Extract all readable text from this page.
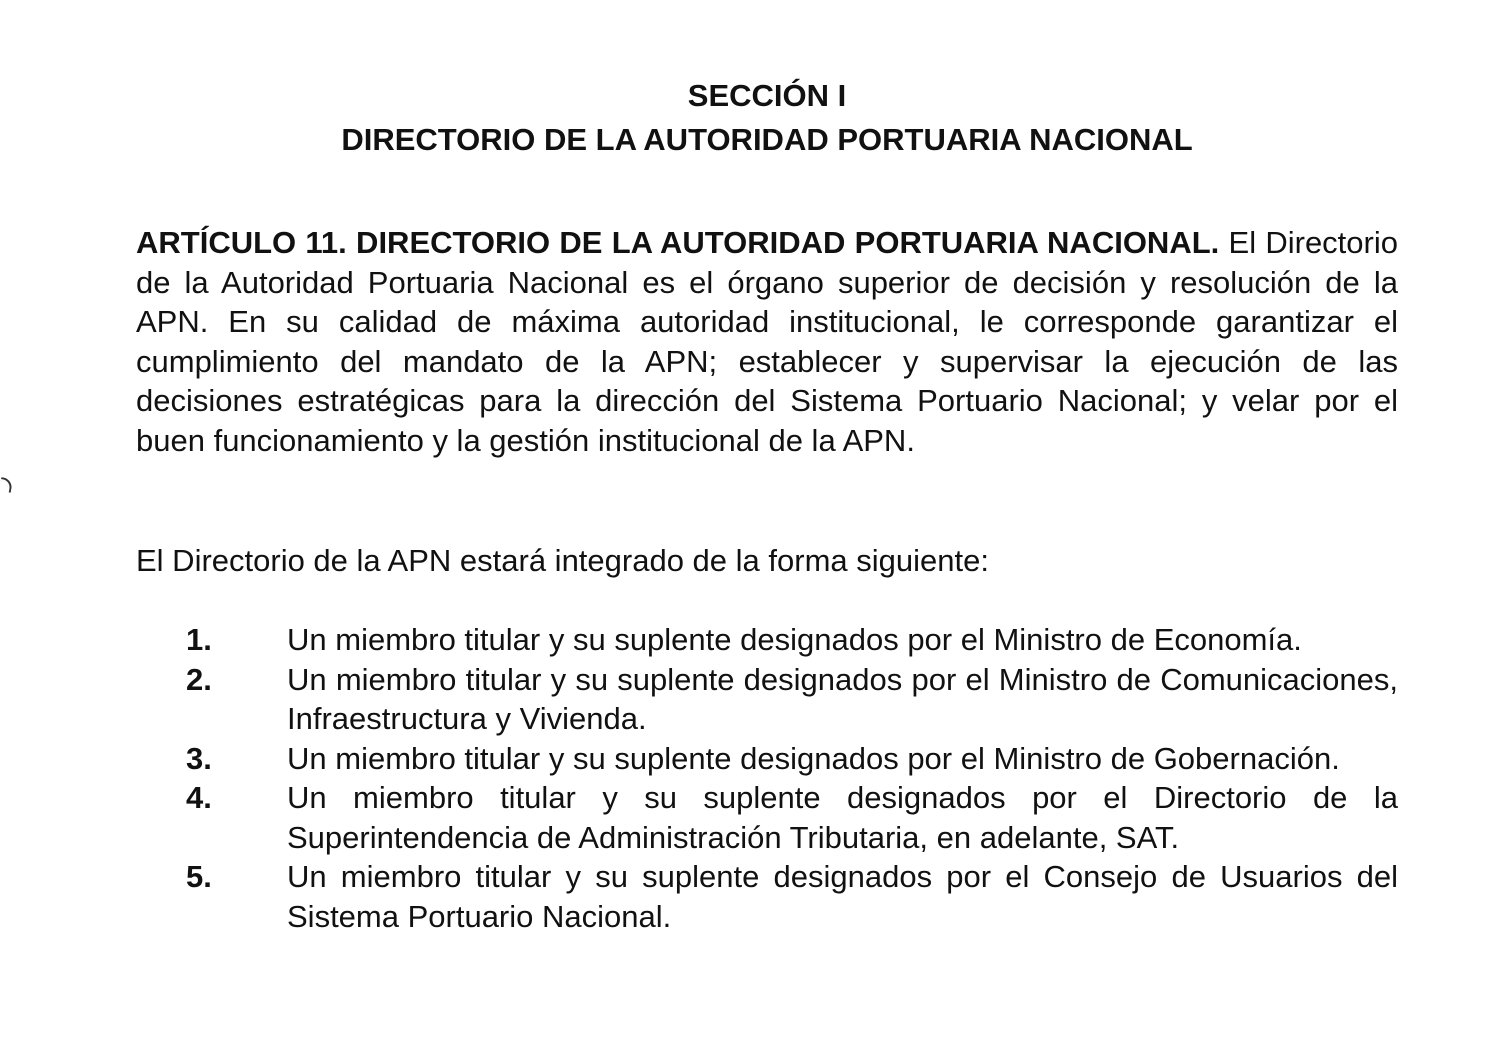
SECCIÓN I
DIRECTORIO DE LA AUTORIDAD PORTUARIA NACIONAL
ARTÍCULO 11. DIRECTORIO DE LA AUTORIDAD PORTUARIA NACIONAL. El Directorio de la Autoridad Portuaria Nacional es el órgano superior de decisión y resolución de la APN. En su calidad de máxima autoridad institucional, le corresponde garantizar el cumplimiento del mandato de la APN; establecer y supervisar la ejecución de las decisiones estratégicas para la dirección del Sistema Portuario Nacional; y velar por el buen funcionamiento y la gestión institucional de la APN.
El Directorio de la APN estará integrado de la forma siguiente:
1. Un miembro titular y su suplente designados por el Ministro de Economía.
2. Un miembro titular y su suplente designados por el Ministro de Comunicaciones, Infraestructura y Vivienda.
3. Un miembro titular y su suplente designados por el Ministro de Gobernación.
4. Un miembro titular y su suplente designados por el Directorio de la Superintendencia de Administración Tributaria, en adelante, SAT.
5. Un miembro titular y su suplente designados por el Consejo de Usuarios del Sistema Portuario Nacional.
